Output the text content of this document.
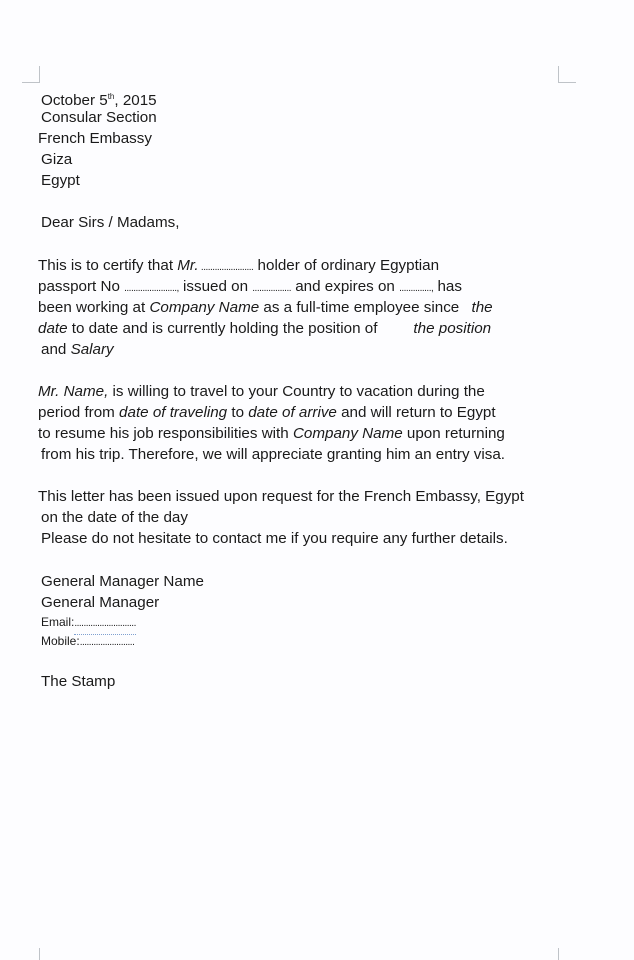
October 5th, 2015
Consular Section
French Embassy
Giza
Egypt
Dear Sirs / Madams,
This is to certify that Mr. ....................... holder of ordinary Egyptian
passport No ......................., issued on ................. and expires on .............., has
been working at Company Name as a full-time employee since the
date to date and is currently holding the position of the position
and Salary
Mr. Name, is willing to travel to your Country to vacation during the
period from date of traveling to date of arrive and will return to Egypt
to resume his job responsibilities with Company Name upon returning
from his trip. Therefore, we will appreciate granting him an entry visa.
This letter has been issued upon request for the French Embassy, Egypt
on the date of the day
Please do not hesitate to contact me if you require any further details.
General Manager Name
General Manager
Email:...........................
Mobile:........................
The Stamp
